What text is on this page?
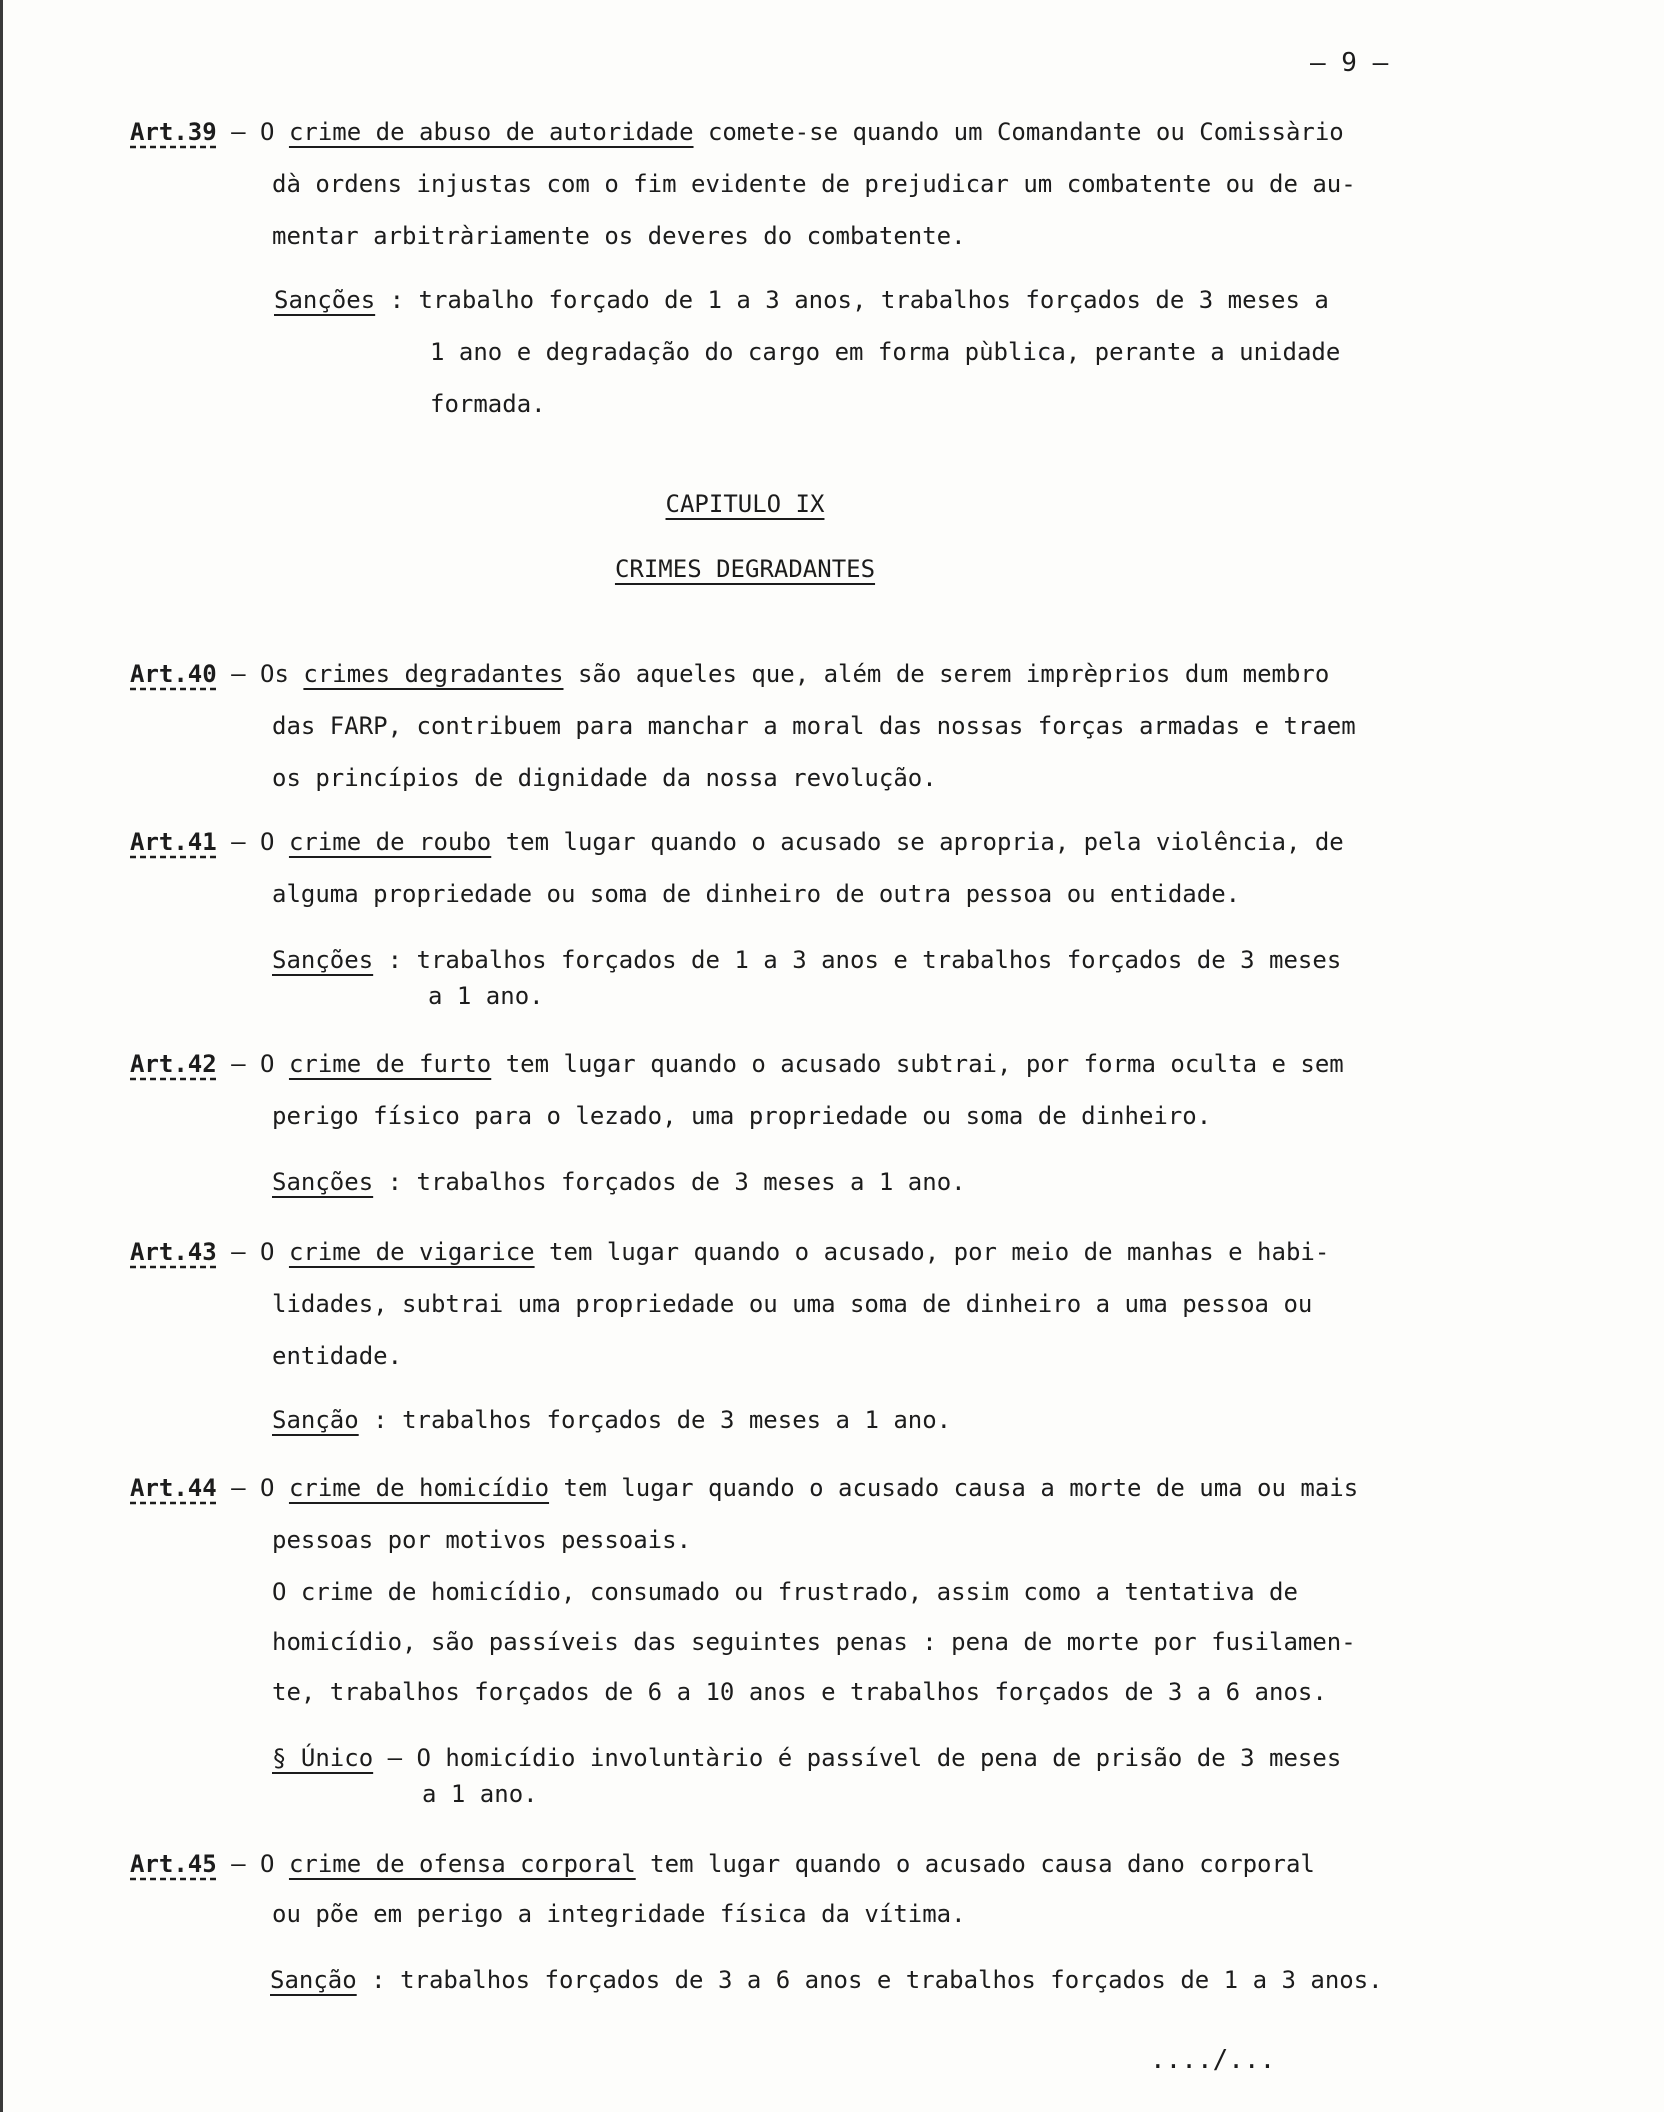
– 9 –
Art.39 – O crime de abuso de autoridade comete-se quando um Comandante ou Comissàrio
dà ordens injustas com o fim evidente de prejudicar um combatente ou de au-
mentar arbitràriamente os deveres do combatente.
Sanções : trabalho forçado de 1 a 3 anos, trabalhos forçados de 3 meses a
1 ano e degradação do cargo em forma pùblica, perante a unidade
formada.
CAPITULO IX
CRIMES DEGRADANTES
Art.40 – Os crimes degradantes são aqueles que, além de serem imprèprios dum membro
das FARP, contribuem para manchar a moral das nossas forças armadas e traem
os princípios de dignidade da nossa revolução.
Art.41 – O crime de roubo tem lugar quando o acusado se apropria, pela violência, de
alguma propriedade ou soma de dinheiro de outra pessoa ou entidade.
Sanções : trabalhos forçados de 1 a 3 anos e trabalhos forçados de 3 meses
a 1 ano.
Art.42 – O crime de furto tem lugar quando o acusado subtrai, por forma oculta e sem
perigo físico para o lezado, uma propriedade ou soma de dinheiro.
Sanções : trabalhos forçados de 3 meses a 1 ano.
Art.43 – O crime de vigarice tem lugar quando o acusado, por meio de manhas e habi-
lidades, subtrai uma propriedade ou uma soma de dinheiro a uma pessoa ou
entidade.
Sanção : trabalhos forçados de 3 meses a 1 ano.
Art.44 – O crime de homicídio tem lugar quando o acusado causa a morte de uma ou mais
pessoas por motivos pessoais.
O crime de homicídio, consumado ou frustrado, assim como a tentativa de
homicídio, são passíveis das seguintes penas : pena de morte por fusilamen-
te, trabalhos forçados de 6 a 10 anos e trabalhos forçados de 3 a 6 anos.
§ Único – O homicídio involuntàrio é passível de pena de prisão de 3 meses
a 1 ano.
Art.45 – O crime de ofensa corporal tem lugar quando o acusado causa dano corporal
ou põe em perigo a integridade física da vítima.
Sanção : trabalhos forçados de 3 a 6 anos e trabalhos forçados de 1 a 3 anos.
..../...
